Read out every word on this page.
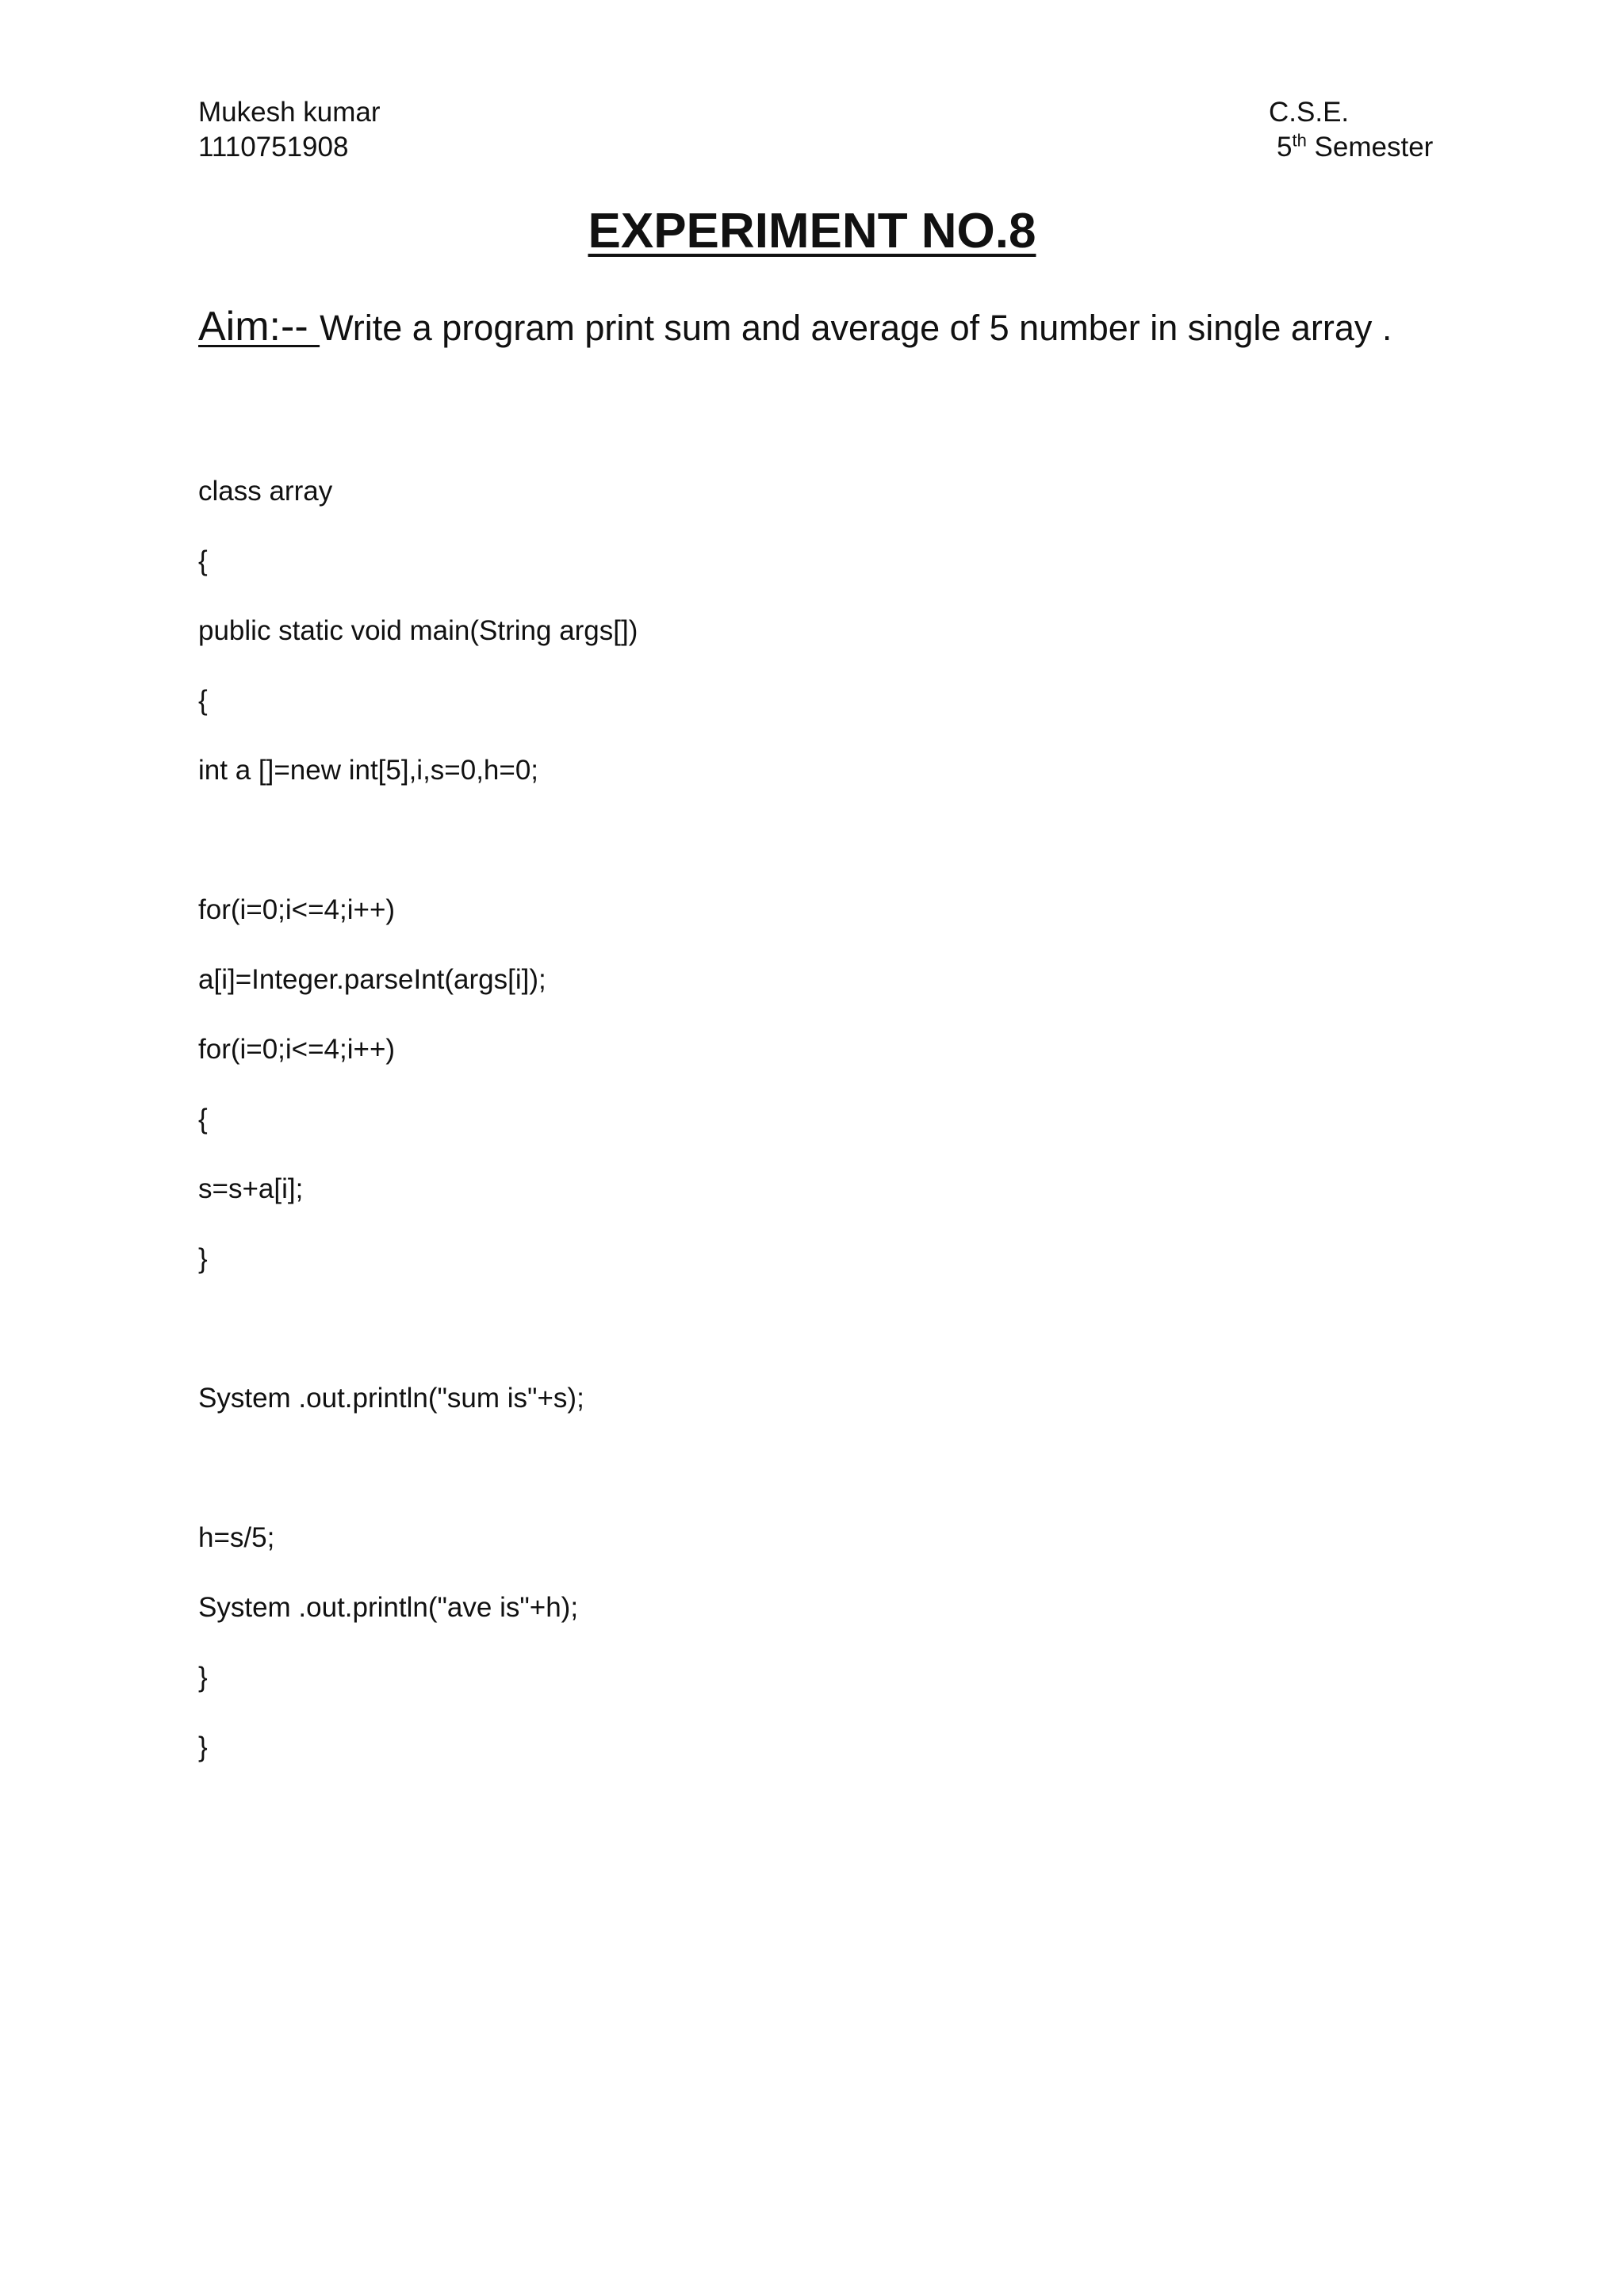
Mukesh kumar
1110751908
C.S.E.
5th Semester
EXPERIMENT NO.8
Aim:-- Write a program print sum and average of 5 number in single array .
class array
{
public static void main(String args[])
{
int a []=new int[5],i,s=0,h=0;
for(i=0;i<=4;i++)
a[i]=Integer.parseInt(args[i]);
for(i=0;i<=4;i++)
{
s=s+a[i];
}
System .out.println("sum is"+s);
h=s/5;
System .out.println("ave is"+h);
}
}
